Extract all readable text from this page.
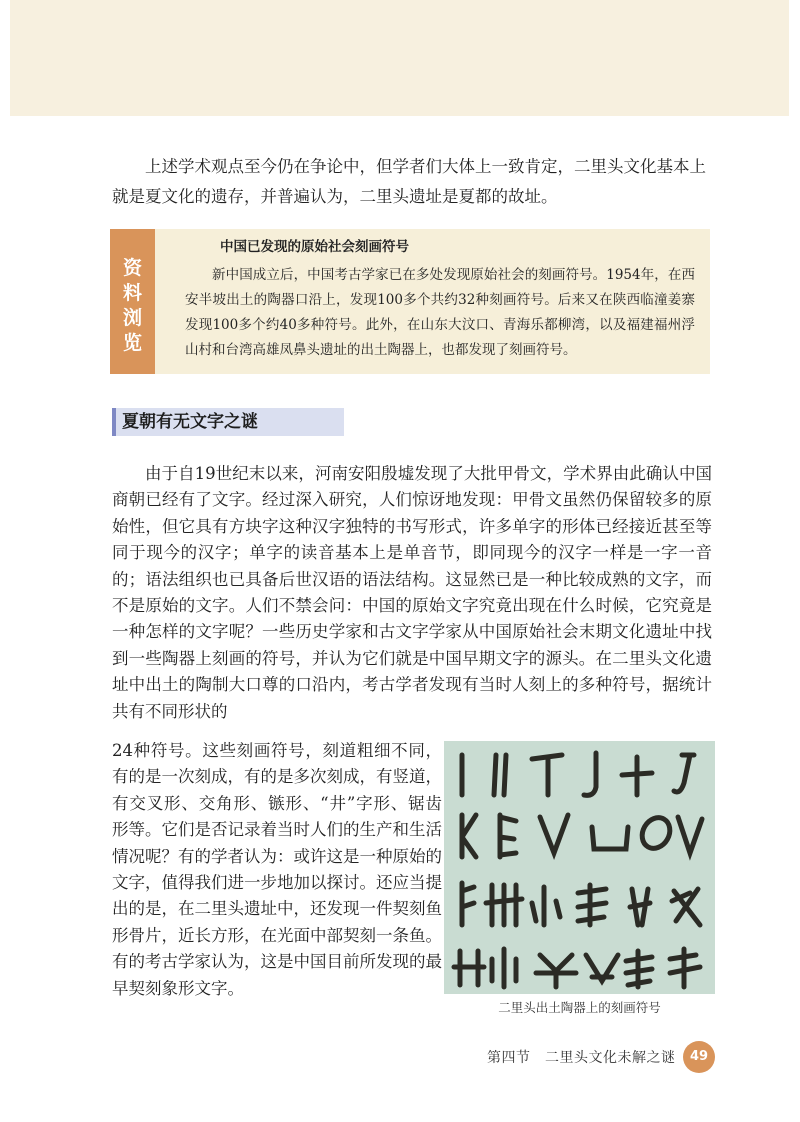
上述学术观点至今仍在争论中，但学者们大体上一致肯定，二里头文化基本上就是夏文化的遗存，并普遍认为，二里头遗址是夏都的故址。

资
料
浏
览
中国已发现的原始社会刻画符号

新中国成立后，中国考古学家已在多处发现原始社会的刻画符号。1954年，在西安半坡出土的陶器口沿上，发现100多个共约32种刻画符号。后来又在陕西临潼姜寨发现100多个约40多种符号。此外，在山东大汶口、青海乐都柳湾，以及福建福州浮山村和台湾高雄凤鼻头遗址的出土陶器上，也都发现了刻画符号。

夏朝有无文字之谜

由于自19世纪末以来，河南安阳殷墟发现了大批甲骨文，学术界由此确认中国商朝已经有了文字。经过深入研究，人们惊讶地发现：甲骨文虽然仍保留较多的原始性，但它具有方块字这种汉字独特的书写形式，许多单字的形体已经接近甚至等同于现今的汉字；单字的读音基本上是单音节，即同现今的汉字一样是一字一音的；语法组织也已具备后世汉语的语法结构。这显然已是一种比较成熟的文字，而不是原始的文字。人们不禁会问：中国的原始文字究竟出现在什么时候，它究竟是一种怎样的文字呢？一些历史学家和古文字学家从中国原始社会末期文化遗址中找到一些陶器上刻画的符号，并认为它们就是中国早期文字的源头。在二里头文化遗址中出土的陶制大口尊的口沿内，考古学者发现有当时人刻上的多种符号，据统计共有不同形状的

24种符号。这些刻画符号，刻道粗细不同，有的是一次刻成，有的是多次刻成，有竖道，有交叉形、交角形、镞形、“井”字形、锯齿形等。它们是否记录着当时人们的生产和生活情况呢？有的学者认为：或许这是一种原始的文字，值得我们进一步地加以探讨。还应当提出的是，在二里头遗址中，还发现一件契刻鱼形骨片，近长方形，在光面中部契刻一条鱼。有的考古学家认为，这是中国目前所发现的最早契刻象形文字。

二里头出土陶器上的刻画符号
第四节　二里头文化未解之谜	49
